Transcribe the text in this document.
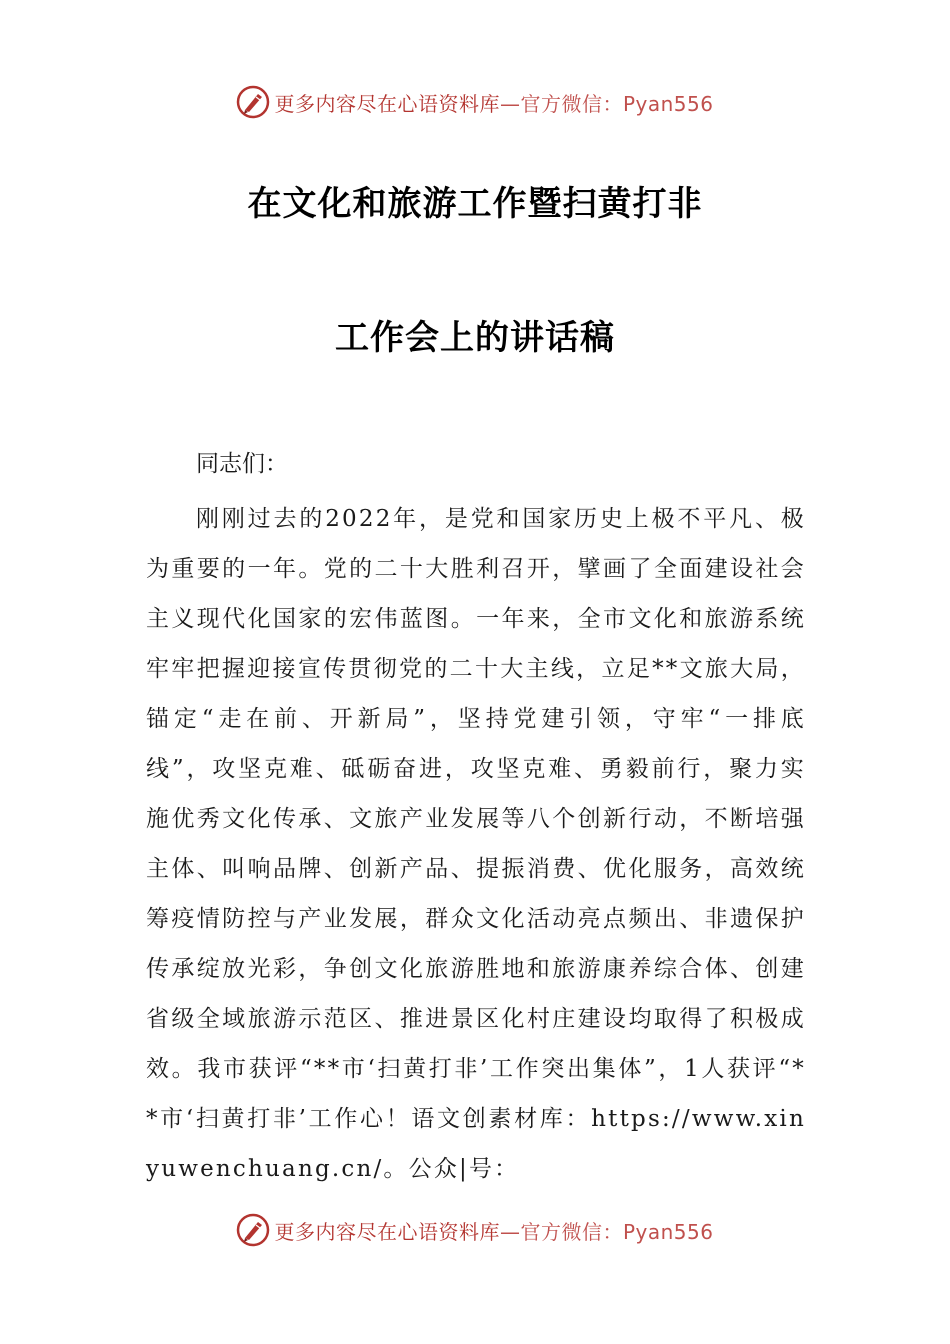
更多内容尽在心语资料库—官方微信：Pyan556
在文化和旅游工作暨扫黄打非
工作会上的讲话稿
同志们：

刚刚过去的2022年，是党和国家历史上极不平凡、极为重要的一年。党的二十大胜利召开，擘画了全面建设社会主义现代化国家的宏伟蓝图。一年来，全市文化和旅游系统牢牢把握迎接宣传贯彻党的二十大主线，立足**文旅大局，锚定“走在前、开新局”，坚持党建引领，守牢“一排底线”，攻坚克难、砥砺奋进，攻坚克难、勇毅前行，聚力实施优秀文化传承、文旅产业发展等八个创新行动，不断培强主体、叫响品牌、创新产品、提振消费、优化服务，高效统筹疫情防控与产业发展，群众文化活动亮点频出、非遗保护传承绽放光彩，争创文化旅游胜地和旅游康养综合体、创建省级全域旅游示范区、推进景区化村庄建设均取得了积极成效。我市获评“**市‘扫黄打非’工作突出集体”，1人获评“**市‘扫黄打非’工作心！语文创素材库：https://www.xinyuwenchuang.cn/。公众|号：

更多内容尽在心语资料库—官方微信：Pyan556
